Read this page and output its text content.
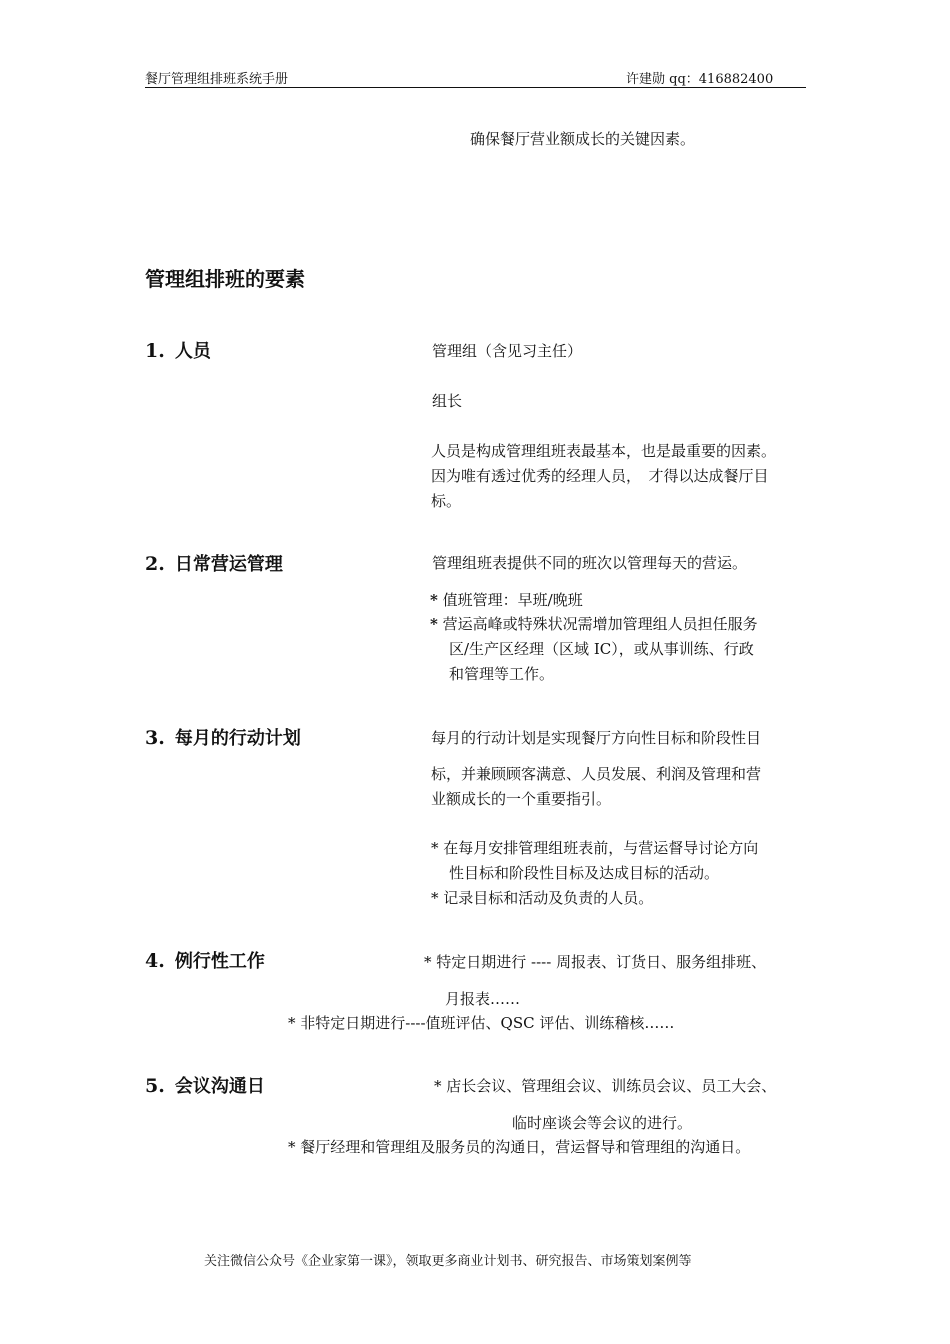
餐厅管理组排班系统手册	许建勋 qq：416882400
确保餐厅营业额成长的关键因素。
管理组排班的要素
1. 人员	管理组（含见习主任）
组长
人员是构成管理组班表最基本，也是最重要的因素。
因为唯有透过优秀的经理人员，　才得以达成餐厅目
标。
2. 日常营运管理	管理组班表提供不同的班次以管理每天的营运。
* 值班管理：早班/晚班
* 营运高峰或特殊状况需增加管理组人员担任服务
区/生产区经理（区域 IC），或从事训练、行政
和管理等工作。
3. 每月的行动计划	每月的行动计划是实现餐厅方向性目标和阶段性目
标，并兼顾顾客满意、人员发展、利润及管理和营
业额成长的一个重要指引。
* 在每月安排管理组班表前，与营运督导讨论方向
性目标和阶段性目标及达成目标的活动。
* 记录目标和活动及负责的人员。
4. 例行性工作	* 特定日期进行 ---- 周报表、订货日、服务组排班、
月报表……
* 非特定日期进行----值班评估、QSC 评估、训练稽核……
5. 会议沟通日	* 店长会议、管理组会议、训练员会议、员工大会、
临时座谈会等会议的进行。
* 餐厅经理和管理组及服务员的沟通日，营运督导和管理组的沟通日。
关注微信公众号《企业家第一课》，领取更多商业计划书、研究报告、市场策划案例等
